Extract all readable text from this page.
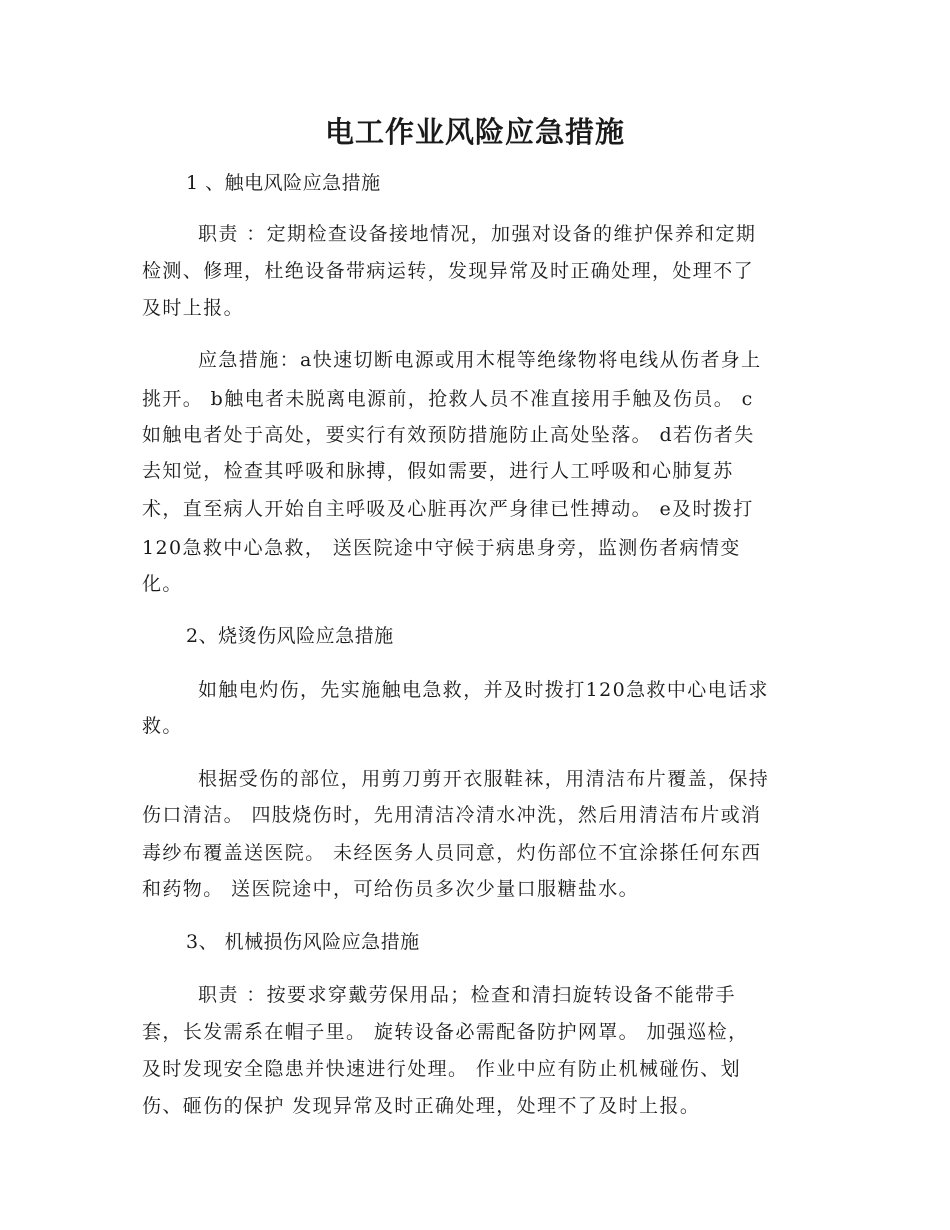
电工作业风险应急措施
1 、触电风险应急措施
职责 ：定期检查设备接地情况，加强对设备的维护保养和定期
检测、修理，杜绝设备带病运转，发现异常及时正确处理，处理不了
及时上报。
应急措施：a快速切断电源或用木棍等绝缘物将电线从伤者身上
挑开。 b触电者未脱离电源前，抢救人员不准直接用手触及伤员。 c
如触电者处于高处，要实行有效预防措施防止高处坠落。 d若伤者失
去知觉，检查其呼吸和脉搏，假如需要，进行人工呼吸和心肺复苏
术，直至病人开始自主呼吸及心脏再次严身律已性搏动。 e及时拨打
120急救中心急救， 送医院途中守候于病患身旁，监测伤者病情变
化。
2、烧烫伤风险应急措施
如触电灼伤，先实施触电急救，并及时拨打120急救中心电话求
救。
根据受伤的部位，用剪刀剪开衣服鞋袜，用清洁布片覆盖，保持
伤口清洁。 四肢烧伤时，先用清洁冷清水冲洗，然后用清洁布片或消
毒纱布覆盖送医院。 未经医务人员同意，灼伤部位不宜涂搽任何东西
和药物。 送医院途中，可给伤员多次少量口服糖盐水。
3、 机械损伤风险应急措施
职责 ：按要求穿戴劳保用品；检查和清扫旋转设备不能带手
套，长发需系在帽子里。 旋转设备必需配备防护网罩。 加强巡检，
及时发现安全隐患并快速进行处理。 作业中应有防止机械碰伤、划
伤、砸伤的保护 发现异常及时正确处理，处理不了及时上报。
